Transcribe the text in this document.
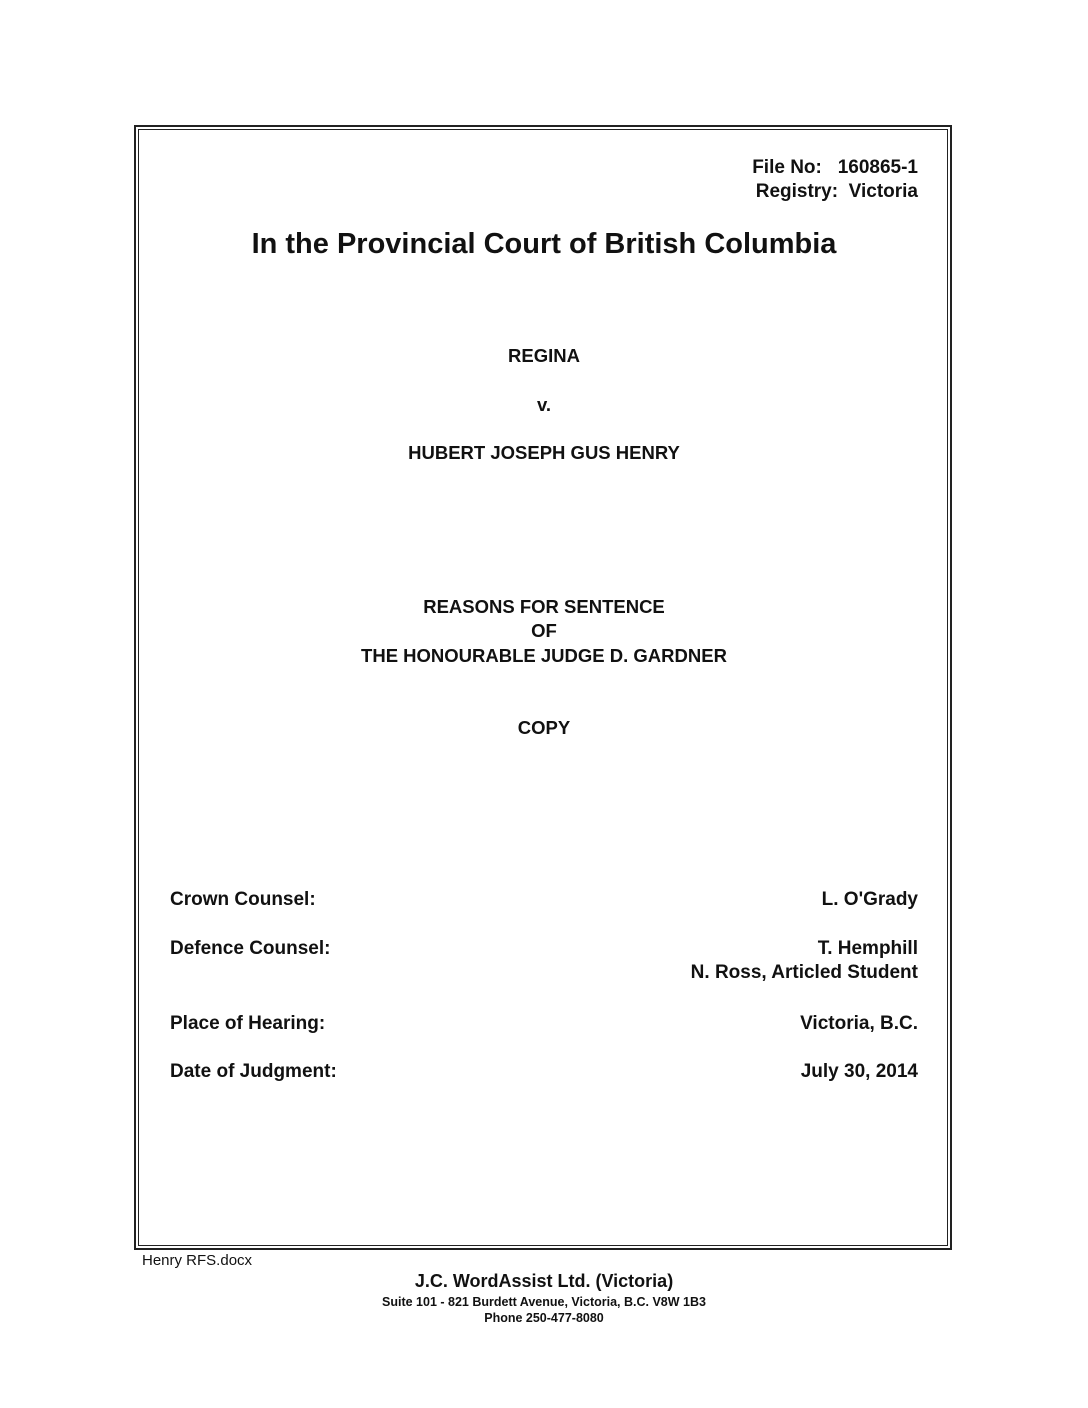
File No: 160865-1
Registry: Victoria
In the Provincial Court of British Columbia
REGINA
v.
HUBERT JOSEPH GUS HENRY
REASONS FOR SENTENCE
OF
THE HONOURABLE JUDGE D. GARDNER
COPY
Crown Counsel:	L. O'Grady
Defence Counsel:	T. Hemphill
N. Ross, Articled Student
Place of Hearing:	Victoria, B.C.
Date of Judgment:	July 30, 2014
Henry RFS.docx
J.C. WordAssist Ltd. (Victoria)
Suite 101 - 821 Burdett Avenue, Victoria, B.C. V8W 1B3
Phone 250-477-8080
